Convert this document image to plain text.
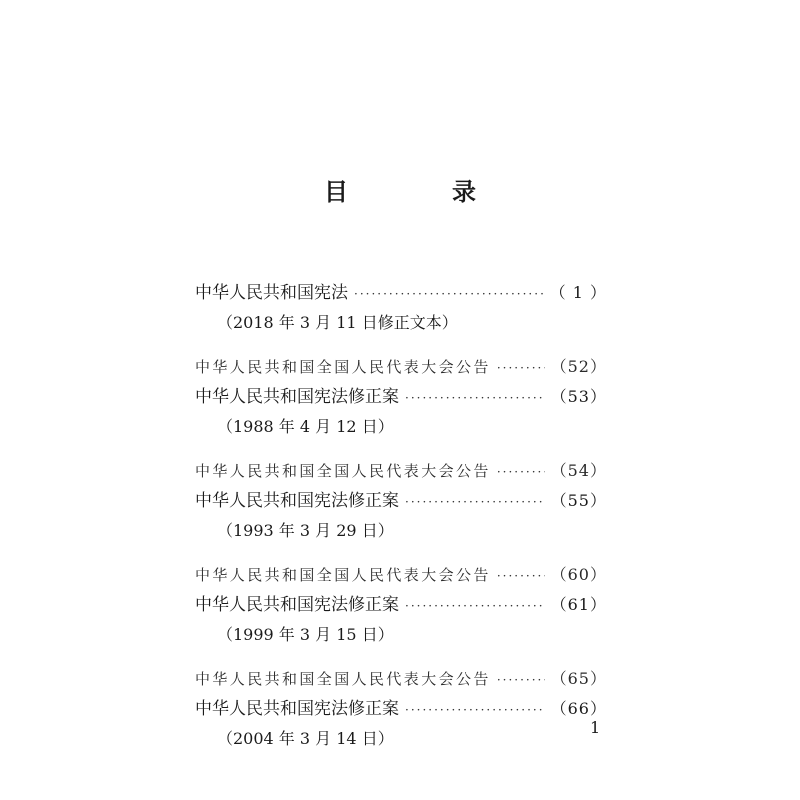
目　录
中华人民共和国宪法 ·····	（ 1 ）
（2018 年 3 月 11 日修正文本）
中华人民共和国全国人民代表大会公告 ·····	（52）
中华人民共和国宪法修正案 ·····	（53）
（1988 年 4 月 12 日）
中华人民共和国全国人民代表大会公告 ·····	（54）
中华人民共和国宪法修正案 ·····	（55）
（1993 年 3 月 29 日）
中华人民共和国全国人民代表大会公告 ·····	（60）
中华人民共和国宪法修正案 ·····	（61）
（1999 年 3 月 15 日）
中华人民共和国全国人民代表大会公告 ·····	（65）
中华人民共和国宪法修正案 ·····	（66）
（2004 年 3 月 14 日）
1
